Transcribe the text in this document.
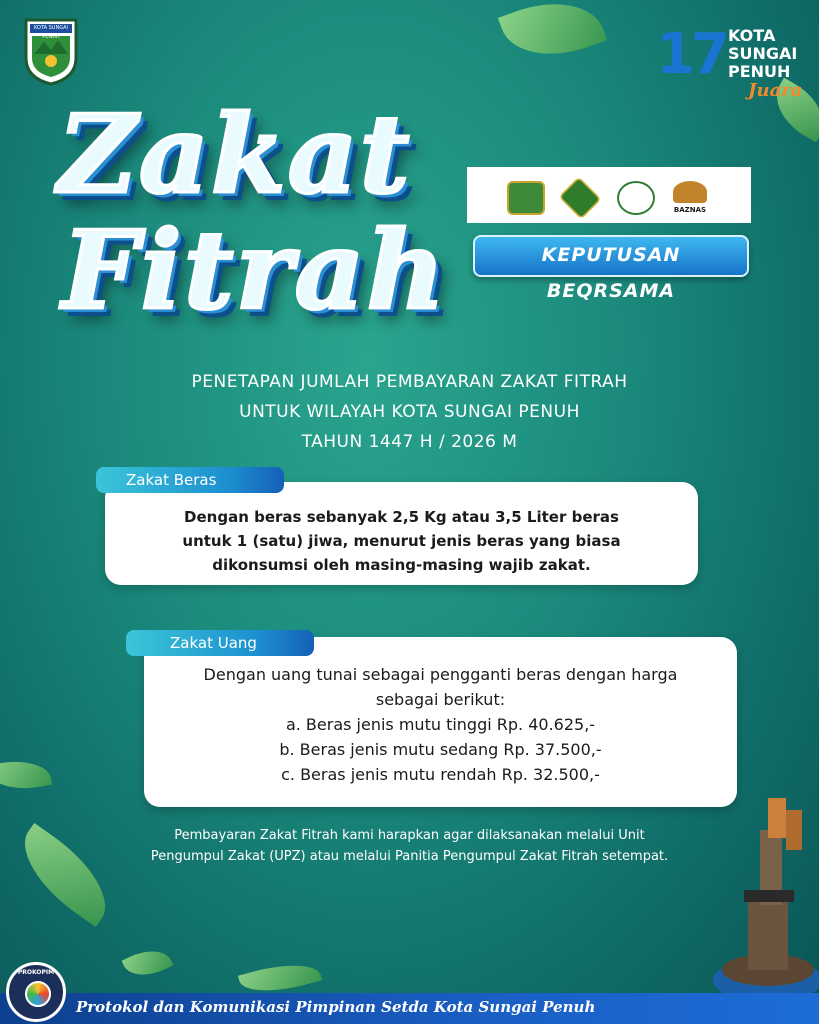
KOTA SUNGAI PENUH	17 KOTA
SUNGAI
PENUH
Juara
Zakat
Fitrah	BAZNAS
KEPUTUSAN BEQRSAMA
PENETAPAN JUMLAH PEMBAYARAN ZAKAT FITRAH
UNTUK WILAYAH KOTA SUNGAI PENUH
TAHUN 1447 H / 2026 M
Dengan beras sebanyak 2,5 Kg atau 3,5 Liter beras
untuk 1 (satu) jiwa, menurut jenis beras yang biasa
dikonsumsi oleh masing-masing wajib zakat.
Zakat Beras
Dengan uang tunai sebagai pengganti beras dengan harga
sebagai berikut:
a. Beras jenis mutu tinggi Rp. 40.625,-
b. Beras jenis mutu sedang Rp. 37.500,-
c. Beras jenis mutu rendah Rp. 32.500,-
Zakat Uang
Pembayaran Zakat Fitrah kami harapkan agar dilaksanakan melalui Unit
Pengumpul Zakat (UPZ) atau melalui Panitia Pengumpul Zakat Fitrah setempat.
Protokol dan Komunikasi Pimpinan Setda Kota Sungai Penuh
PROKOPIM
